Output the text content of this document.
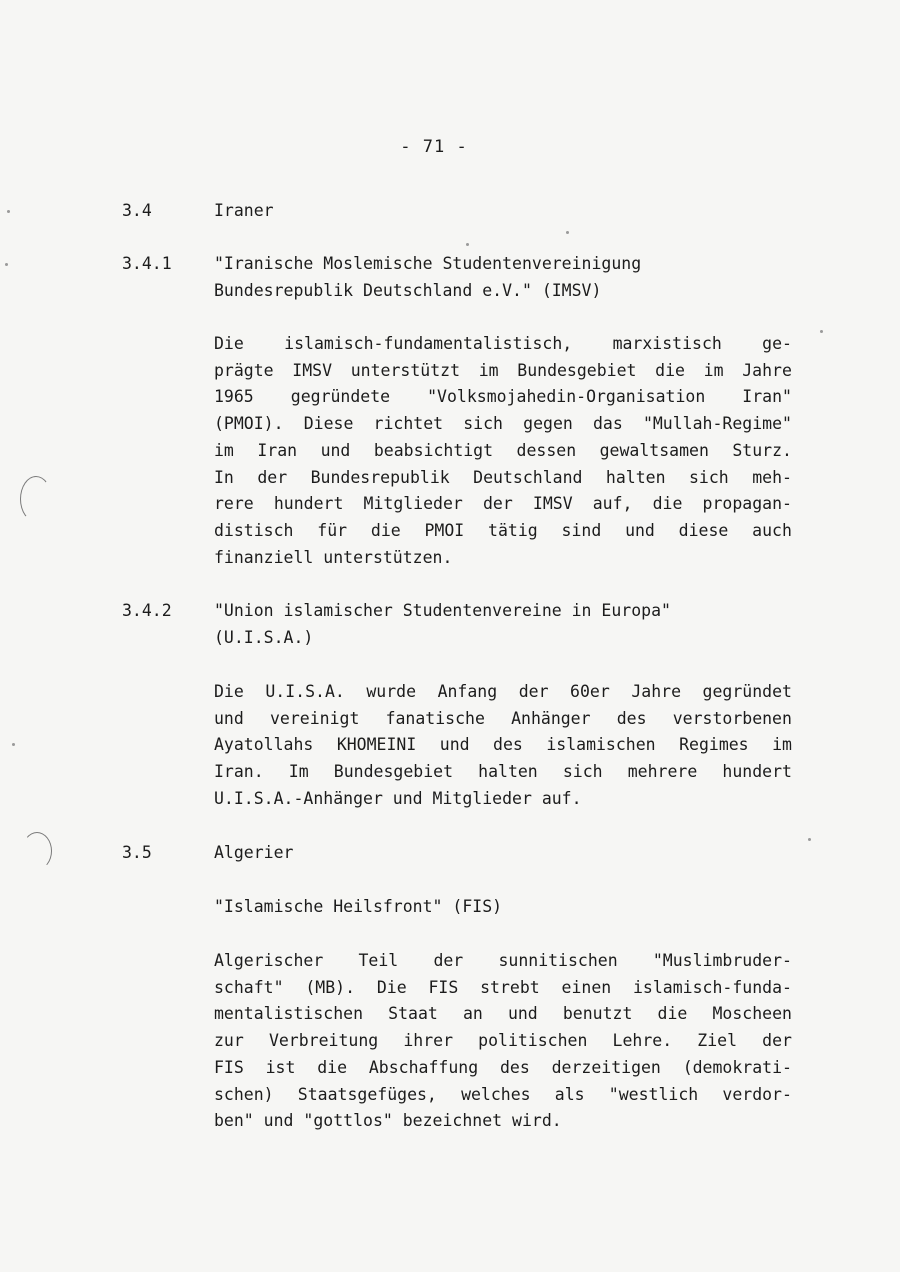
- 71 -
3.4	Iraner
3.4.1	"Iranische Moslemische Studentenvereinigung
Bundesrepublik Deutschland e.V." (IMSV)
Die islamisch-fundamentalistisch, marxistisch ge-
prägte IMSV unterstützt im Bundesgebiet die im Jahre
1965 gegründete "Volksmojahedin-Organisation Iran"
(PMOI). Diese richtet sich gegen das "Mullah-Regime"
im Iran und beabsichtigt dessen gewaltsamen Sturz.
In der Bundesrepublik Deutschland halten sich meh-
rere hundert Mitglieder der IMSV auf, die propagan-
distisch für die PMOI tätig sind und diese auch
finanziell unterstützen.
3.4.2	"Union islamischer Studentenvereine in Europa"
(U.I.S.A.)
Die U.I.S.A. wurde Anfang der 60er Jahre gegründet
und vereinigt fanatische Anhänger des verstorbenen
Ayatollahs KHOMEINI und des islamischen Regimes im
Iran. Im Bundesgebiet halten sich mehrere hundert
U.I.S.A.-Anhänger und Mitglieder auf.
3.5	Algerier
"Islamische Heilsfront" (FIS)
Algerischer Teil der sunnitischen "Muslimbruder-
schaft" (MB). Die FIS strebt einen islamisch-funda-
mentalistischen Staat an und benutzt die Moscheen
zur Verbreitung ihrer politischen Lehre. Ziel der
FIS ist die Abschaffung des derzeitigen (demokrati-
schen) Staatsgefüges, welches als "westlich verdor-
ben" und "gottlos" bezeichnet wird.
